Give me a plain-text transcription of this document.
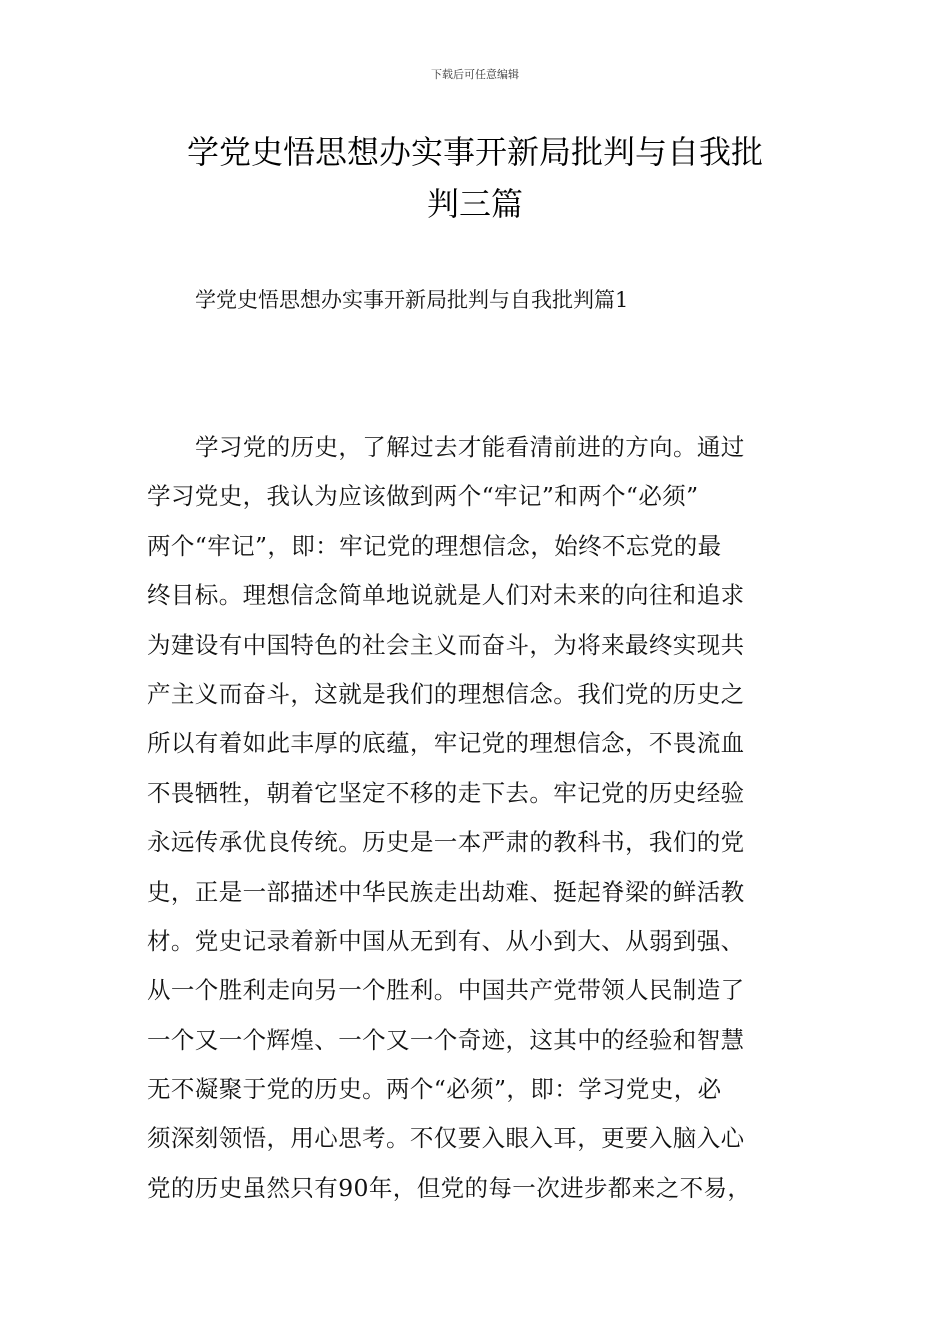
下载后可任意编辑
学党史悟思想办实事开新局批判与自我批
判三篇

学党史悟思想办实事开新局批判与自我批判篇1

学习党的历史，了解过去才能看清前进的方向。通过
学习党史，我认为应该做到两个“牢记”和两个“必须”
两个“牢记”，即：牢记党的理想信念，始终不忘党的最
终目标。理想信念简单地说就是人们对未来的向往和追求
为建设有中国特色的社会主义而奋斗，为将来最终实现共
产主义而奋斗，这就是我们的理想信念。我们党的历史之
所以有着如此丰厚的底蕴，牢记党的理想信念，不畏流血
不畏牺牲，朝着它坚定不移的走下去。牢记党的历史经验
永远传承优良传统。历史是一本严肃的教科书，我们的党
史，正是一部描述中华民族走出劫难、挺起脊梁的鲜活教
材。党史记录着新中国从无到有、从小到大、从弱到强、
从一个胜利走向另一个胜利。中国共产党带领人民制造了
一个又一个辉煌、一个又一个奇迹，这其中的经验和智慧
无不凝聚于党的历史。两个“必须”，即：学习党史，必
须深刻领悟，用心思考。不仅要入眼入耳，更要入脑入心
党的历史虽然只有90年，但党的每一次进步都来之不易，
